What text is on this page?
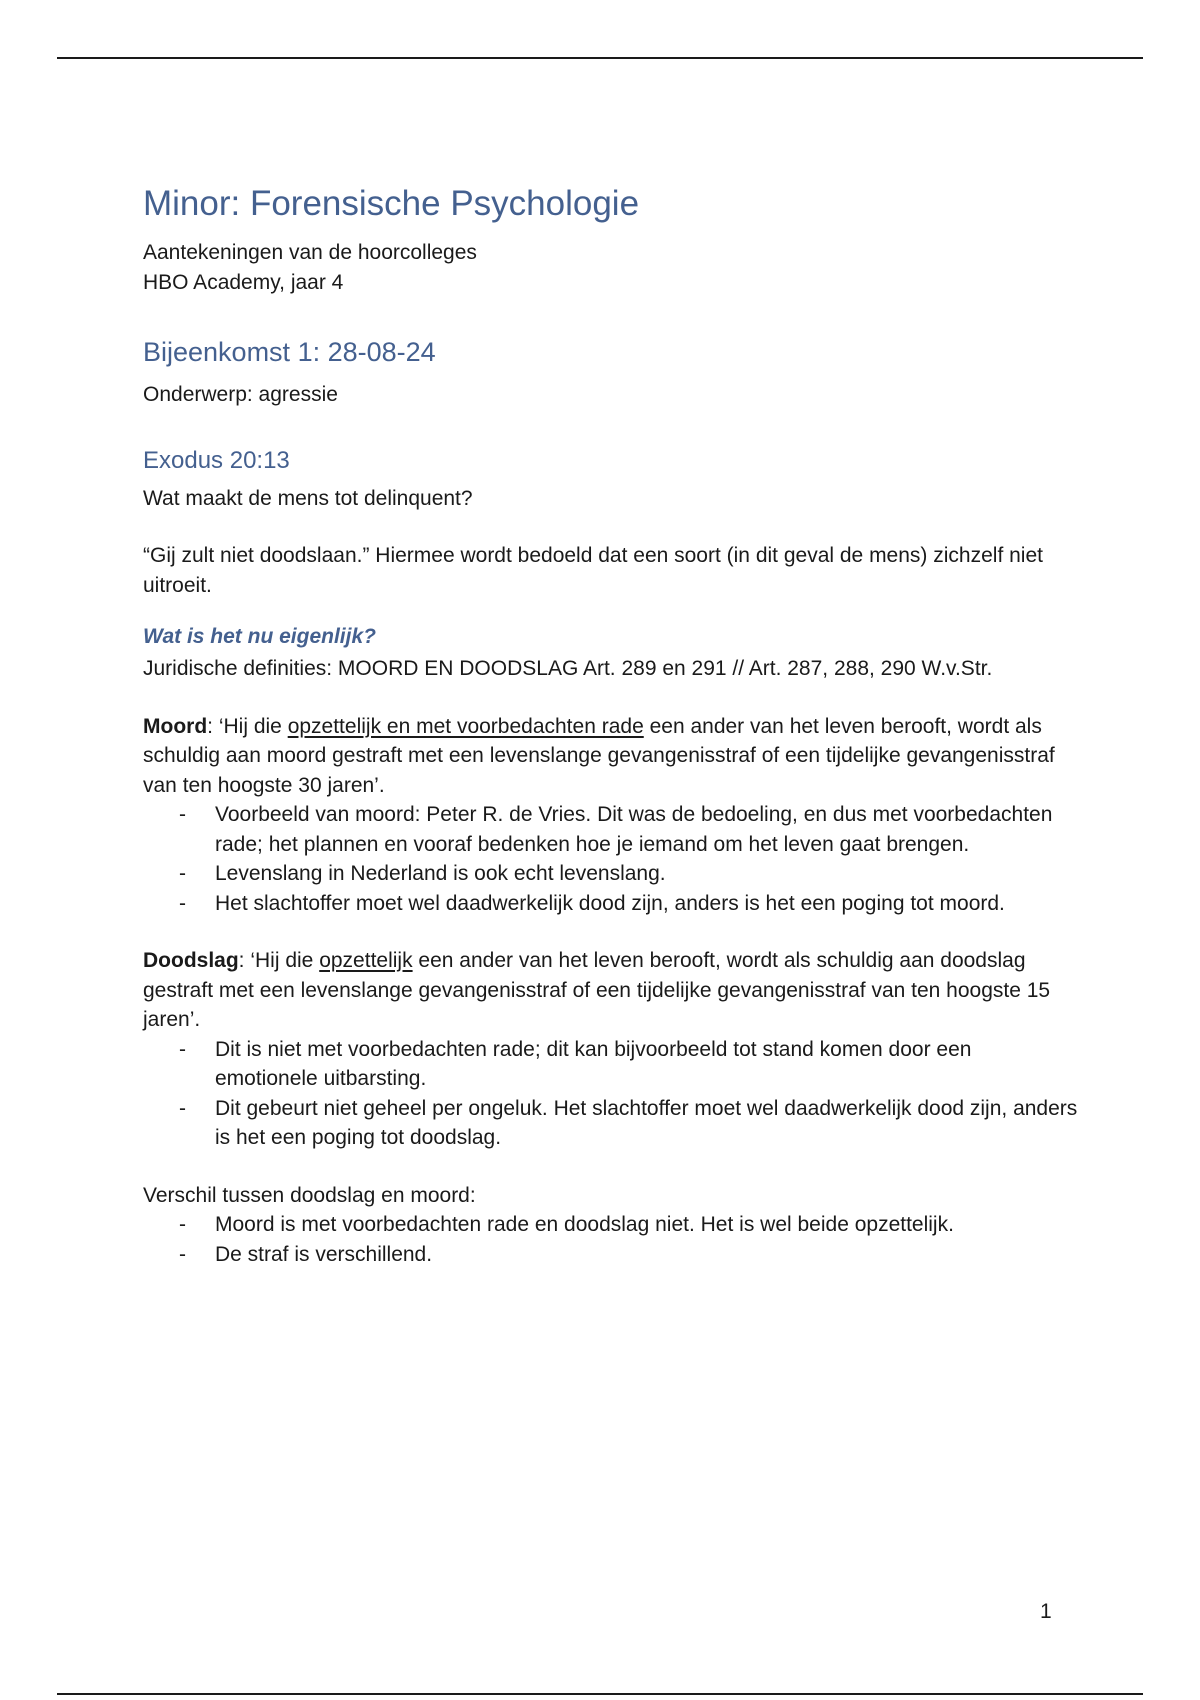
Minor: Forensische Psychologie

Aantekeningen van de hoorcolleges

HBO Academy, jaar 4

Bijeenkomst 1: 28-08-24

Onderwerp: agressie

Exodus 20:13

Wat maakt de mens tot delinquent?

“Gij zult niet doodslaan.” Hiermee wordt bedoeld dat een soort (in dit geval de mens) zichzelf niet uitroeit.

Wat is het nu eigenlijk?

Juridische definities: MOORD EN DOODSLAG Art. 289 en 291 // Art. 287, 288, 290 W.v.Str.

Moord: ‘Hij die opzettelijk en met voorbedachten rade een ander van het leven berooft, wordt als schuldig aan moord gestraft met een levenslange gevangenisstraf of een tijdelijke gevangenisstraf van ten hoogste 30 jaren’.

- Voorbeeld van moord: Peter R. de Vries. Dit was de bedoeling, en dus met voorbedachten rade; het plannen en vooraf bedenken hoe je iemand om het leven gaat brengen.
- Levenslang in Nederland is ook echt levenslang.
- Het slachtoffer moet wel daadwerkelijk dood zijn, anders is het een poging tot moord.

Doodslag: ‘Hij die opzettelijk een ander van het leven berooft, wordt als schuldig aan doodslag gestraft met een levenslange gevangenisstraf of een tijdelijke gevangenisstraf van ten hoogste 15 jaren’.

- Dit is niet met voorbedachten rade; dit kan bijvoorbeeld tot stand komen door een emotionele uitbarsting.
- Dit gebeurt niet geheel per ongeluk. Het slachtoffer moet wel daadwerkelijk dood zijn, anders is het een poging tot doodslag.

Verschil tussen doodslag en moord:

- Moord is met voorbedachten rade en doodslag niet. Het is wel beide opzettelijk.
- De straf is verschillend.
1
